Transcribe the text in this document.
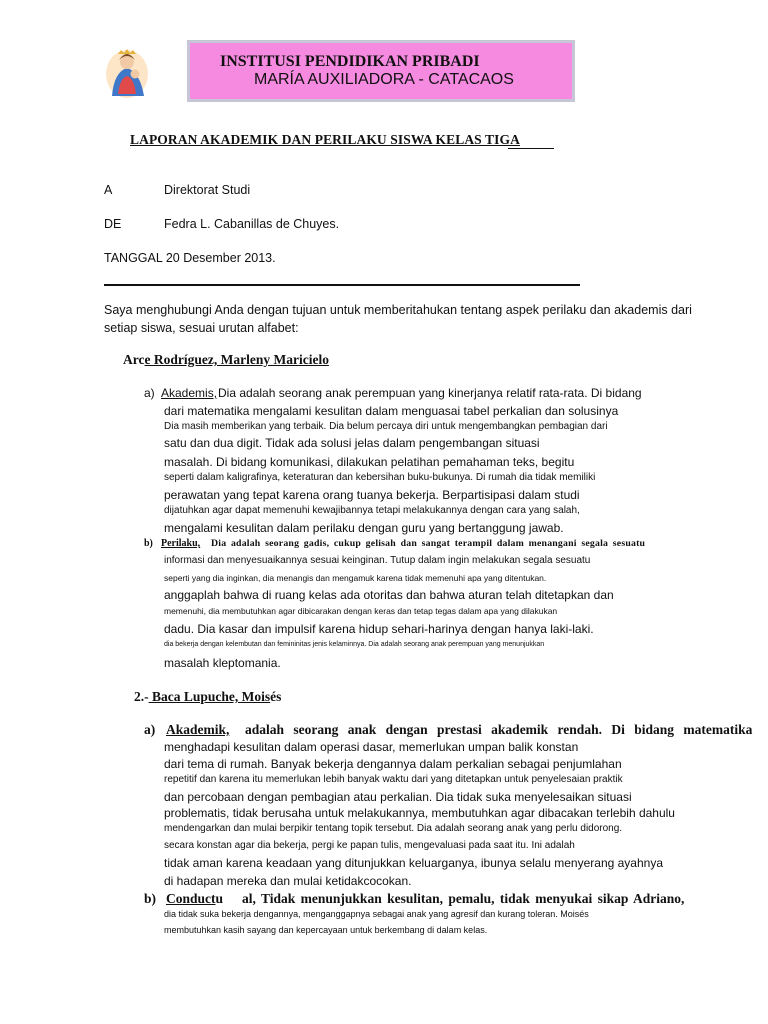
INSTITUSI PENDIDIKAN PRIBADI
MARÍA AUXILIADORA - CATACAOS
LAPORAN AKADEMIK DAN PERILAKU SISWA KELAS TIGA
A	Direktorat Studi
DE	Fedra L. Cabanillas de Chuyes.
TANGGAL 20 Desember 2013.
Saya menghubungi Anda dengan tujuan untuk memberitahukan tentang aspek perilaku dan akademis dari
setiap siswa, sesuai urutan alfabet:
Arce Rodríguez, Marleny Maricielo
a) Akademis, Dia adalah seorang anak perempuan yang kinerjanya relatif rata-rata. Di bidang
dari matematika mengalami kesulitan dalam menguasai tabel perkalian dan solusinya
Dia masih memberikan yang terbaik. Dia belum percaya diri untuk mengembangkan pembagian dari
satu dan dua digit. Tidak ada solusi jelas dalam pengembangan situasi
masalah. Di bidang komunikasi, dilakukan pelatihan pemahaman teks, begitu
seperti dalam kaligrafinya, keteraturan dan kebersihan buku-bukunya. Di rumah dia tidak memiliki
perawatan yang tepat karena orang tuanya bekerja. Berpartisipasi dalam studi
dijatuhkan agar dapat memenuhi kewajibannya tetapi melakukannya dengan cara yang salah,
mengalami kesulitan dalam perilaku dengan guru yang bertanggung jawab.
b) Perilaku, Dia adalah seorang gadis, cukup gelisah dan sangat terampil dalam menangani segala sesuatu
informasi dan menyesuaikannya sesuai keinginan. Tutup dalam ingin melakukan segala sesuatu
seperti yang dia inginkan, dia menangis dan mengamuk karena tidak memenuhi apa yang ditentukan.
anggaplah bahwa di ruang kelas ada otoritas dan bahwa aturan telah ditetapkan dan
memenuhi, dia membutuhkan agar dibicarakan dengan keras dan tetap tegas dalam apa yang dilakukan
dadu. Dia kasar dan impulsif karena hidup sehari-harinya dengan hanya laki-laki.
dia bekerja dengan kelembutan dan femininitas jenis kelaminnya. Dia adalah seorang anak perempuan yang menunjukkan
masalah kleptomania.
2.- Baca Lupuche, Moisés
a) Akademik, adalah seorang anak dengan prestasi akademik rendah. Di bidang matematika
menghadapi kesulitan dalam operasi dasar, memerlukan umpan balik konstan
dari tema di rumah. Banyak bekerja dengannya dalam perkalian sebagai penjumlahan
repetitif dan karena itu memerlukan lebih banyak waktu dari yang ditetapkan untuk penyelesaian praktik
dan percobaan dengan pembagian atau perkalian. Dia tidak suka menyelesaikan situasi
problematis, tidak berusaha untuk melakukannya, membutuhkan agar dibacakan terlebih dahulu
mendengarkan dan mulai berpikir tentang topik tersebut. Dia adalah seorang anak yang perlu didorong.
secara konstan agar dia bekerja, pergi ke papan tulis, mengevaluasi pada saat itu. Ini adalah
tidak aman karena keadaan yang ditunjukkan keluarganya, ibunya selalu menyerang ayahnya
di hadapan mereka dan mulai ketidakcocokan.
b) Conductu al, Tidak menunjukkan kesulitan, pemalu, tidak menyukai sikap Adriano,
dia tidak suka bekerja dengannya, menganggapnya sebagai anak yang agresif dan kurang toleran. Moisés
membutuhkan kasih sayang dan kepercayaan untuk berkembang di dalam kelas.
